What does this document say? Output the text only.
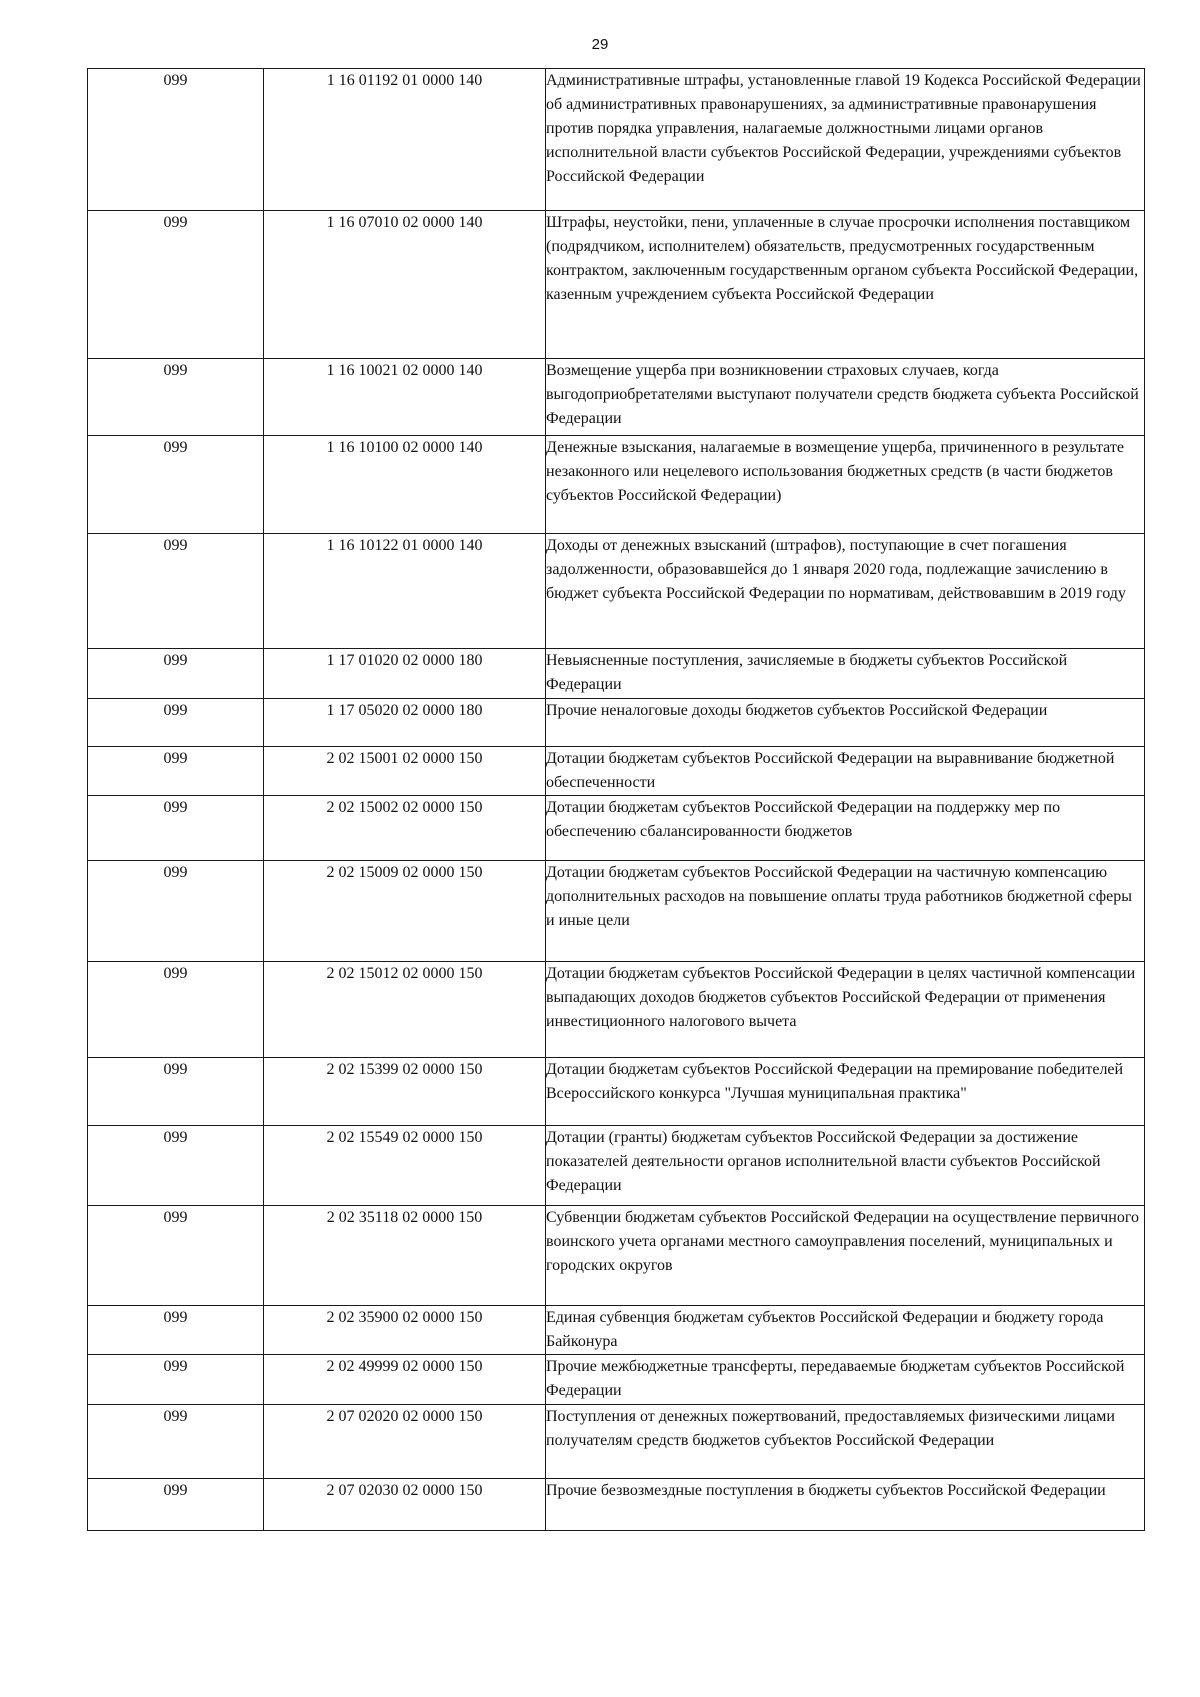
29
099	1 16 01192 01 0000 140	Административные штрафы, установленные главой 19 Кодекса Российской Федерации об административных правонарушениях, за административные правонарушения против порядка управления, налагаемые должностными лицами органов исполнительной власти субъектов Российской Федерации, учреждениями субъектов Российской Федерации
099	1 16 07010 02 0000 140	Штрафы, неустойки, пени, уплаченные в случае просрочки исполнения поставщиком (подрядчиком, исполнителем) обязательств, предусмотренных государственным контрактом, заключенным государственным органом субъекта Российской Федерации, казенным учреждением субъекта Российской Федерации
099	1 16 10021 02 0000 140	Возмещение ущерба при возникновении страховых случаев, когда выгодоприобретателями выступают получатели средств бюджета субъекта Российской Федерации
099	1 16 10100 02 0000 140	Денежные взыскания, налагаемые в возмещение ущерба, причиненного в результате незаконного или нецелевого использования бюджетных средств (в части бюджетов субъектов Российской Федерации)
099	1 16 10122 01 0000 140	Доходы от денежных взысканий (штрафов), поступающие в счет погашения задолженности, образовавшейся до 1 января 2020 года, подлежащие зачислению в бюджет субъекта Российской Федерации по нормативам, действовавшим в 2019 году
099	1 17 01020 02 0000 180	Невыясненные поступления, зачисляемые в бюджеты субъектов Российской Федерации
099	1 17 05020 02 0000 180	Прочие неналоговые доходы бюджетов субъектов Российской Федерации
099	2 02 15001 02 0000 150	Дотации бюджетам субъектов Российской Федерации на выравнивание бюджетной обеспеченности
099	2 02 15002 02 0000 150	Дотации бюджетам субъектов Российской Федерации на поддержку мер по обеспечению сбалансированности бюджетов
099	2 02 15009 02 0000 150	Дотации бюджетам субъектов Российской Федерации на частичную компенсацию дополнительных расходов на повышение оплаты труда работников бюджетной сферы и иные цели
099	2 02 15012 02 0000 150	Дотации бюджетам субъектов Российской Федерации в целях частичной компенсации выпадающих доходов бюджетов субъектов Российской Федерации от применения инвестиционного налогового вычета
099	2 02 15399 02 0000 150	Дотации бюджетам субъектов Российской Федерации на премирование победителей Всероссийского конкурса "Лучшая муниципальная практика"
099	2 02 15549 02 0000 150	Дотации (гранты) бюджетам субъектов Российской Федерации за достижение показателей деятельности органов исполнительной власти субъектов Российской Федерации
099	2 02 35118 02 0000 150	Субвенции бюджетам субъектов Российской Федерации на осуществление первичного воинского учета органами местного самоуправления поселений, муниципальных и городских округов
099	2 02 35900 02 0000 150	Единая субвенция бюджетам субъектов Российской Федерации и бюджету города Байконура
099	2 02 49999 02 0000 150	Прочие межбюджетные трансферты, передаваемые бюджетам субъектов Российской Федерации
099	2 07 02020 02 0000 150	Поступления от денежных пожертвований, предоставляемых физическими лицами получателям средств бюджетов субъектов Российской Федерации
099	2 07 02030 02 0000 150	Прочие безвозмездные поступления в бюджеты субъектов Российской Федерации
